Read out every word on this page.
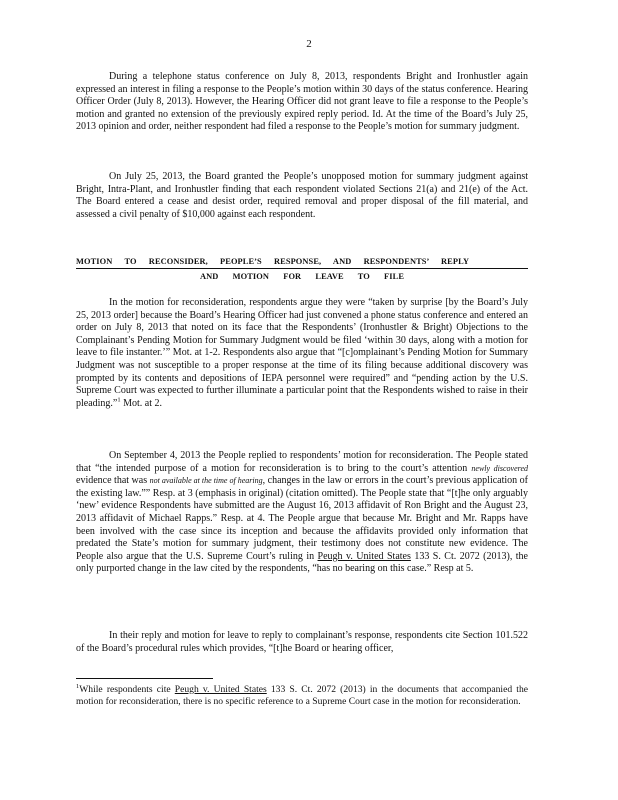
2

During a telephone status conference on July 8, 2013, respondents Bright and Ironhustler again expressed an interest in filing a response to the People’s motion within 30 days of the status conference. Hearing Officer Order (July 8, 2013). However, the Hearing Officer did not grant leave to file a response to the People’s motion and granted no extension of the previously expired reply period. Id. At the time of the Board’s July 25, 2013 opinion and order, neither respondent had filed a response to the People’s motion for summary judgment.

On July 25, 2013, the Board granted the People’s unopposed motion for summary judgment against Bright, Intra-Plant, and Ironhustler finding that each respondent violated Sections 21(a) and 21(e) of the Act. The Board entered a cease and desist order, required removal and proper disposal of the fill material, and assessed a civil penalty of $10,000 against each respondent.

MOTION TO RECONSIDER, PEOPLE’S RESPONSE, AND RESPONDENTS’ REPLY
AND MOTION FOR LEAVE TO FILE

In the motion for reconsideration, respondents argue they were “taken by surprise [by the Board’s July 25, 2013 order] because the Board’s Hearing Officer had just convened a phone status conference and entered an order on July 8, 2013 that noted on its face that the Respondents’ (Ironhustler & Bright) Objections to the Complainant’s Pending Motion for Summary Judgment would be filed ‘within 30 days, along with a motion for leave to file instanter.’” Mot. at 1-2. Respondents also argue that “[c]omplainant’s Pending Motion for Summary Judgment was not susceptible to a proper response at the time of its filing because additional discovery was prompted by its contents and depositions of IEPA personnel were required” and “pending action by the U.S. Supreme Court was expected to further illuminate a particular point that the Respondents wished to raise in their pleading.”$^1$ Mot. at 2.

On September 4, 2013 the People replied to respondents’ motion for reconsideration. The People stated that “the intended purpose of a motion for reconsideration is to bring to the court’s attention newly discovered evidence that was not available at the time of hearing, changes in the law or errors in the court’s previous application of the existing law.”” Resp. at 3 (emphasis in original) (citation omitted). The People state that “[t]he only arguably ‘new’ evidence Respondents have submitted are the August 16, 2013 affidavit of Ron Bright and the August 23, 2013 affidavit of Michael Rapps.” Resp. at 4. The People argue that because Mr. Bright and Mr. Rapps have been involved with the case since its inception and because the affidavits provided only information that predated the State’s motion for summary judgment, their testimony does not constitute new evidence. The People also argue that the U.S. Supreme Court’s ruling in Peugh v. United States 133 S. Ct. 2072 (2013), the only purported change in the law cited by the respondents, “has no bearing on this case.” Resp at 5.

In their reply and motion for leave to reply to complainant’s response, respondents cite Section 101.522 of the Board’s procedural rules which provides, “[t]he Board or hearing officer,

$^1$While respondents cite Peugh v. United States 133 S. Ct. 2072 (2013) in the documents that accompanied the motion for reconsideration, there is no specific reference to a Supreme Court case in the motion for reconsideration.
